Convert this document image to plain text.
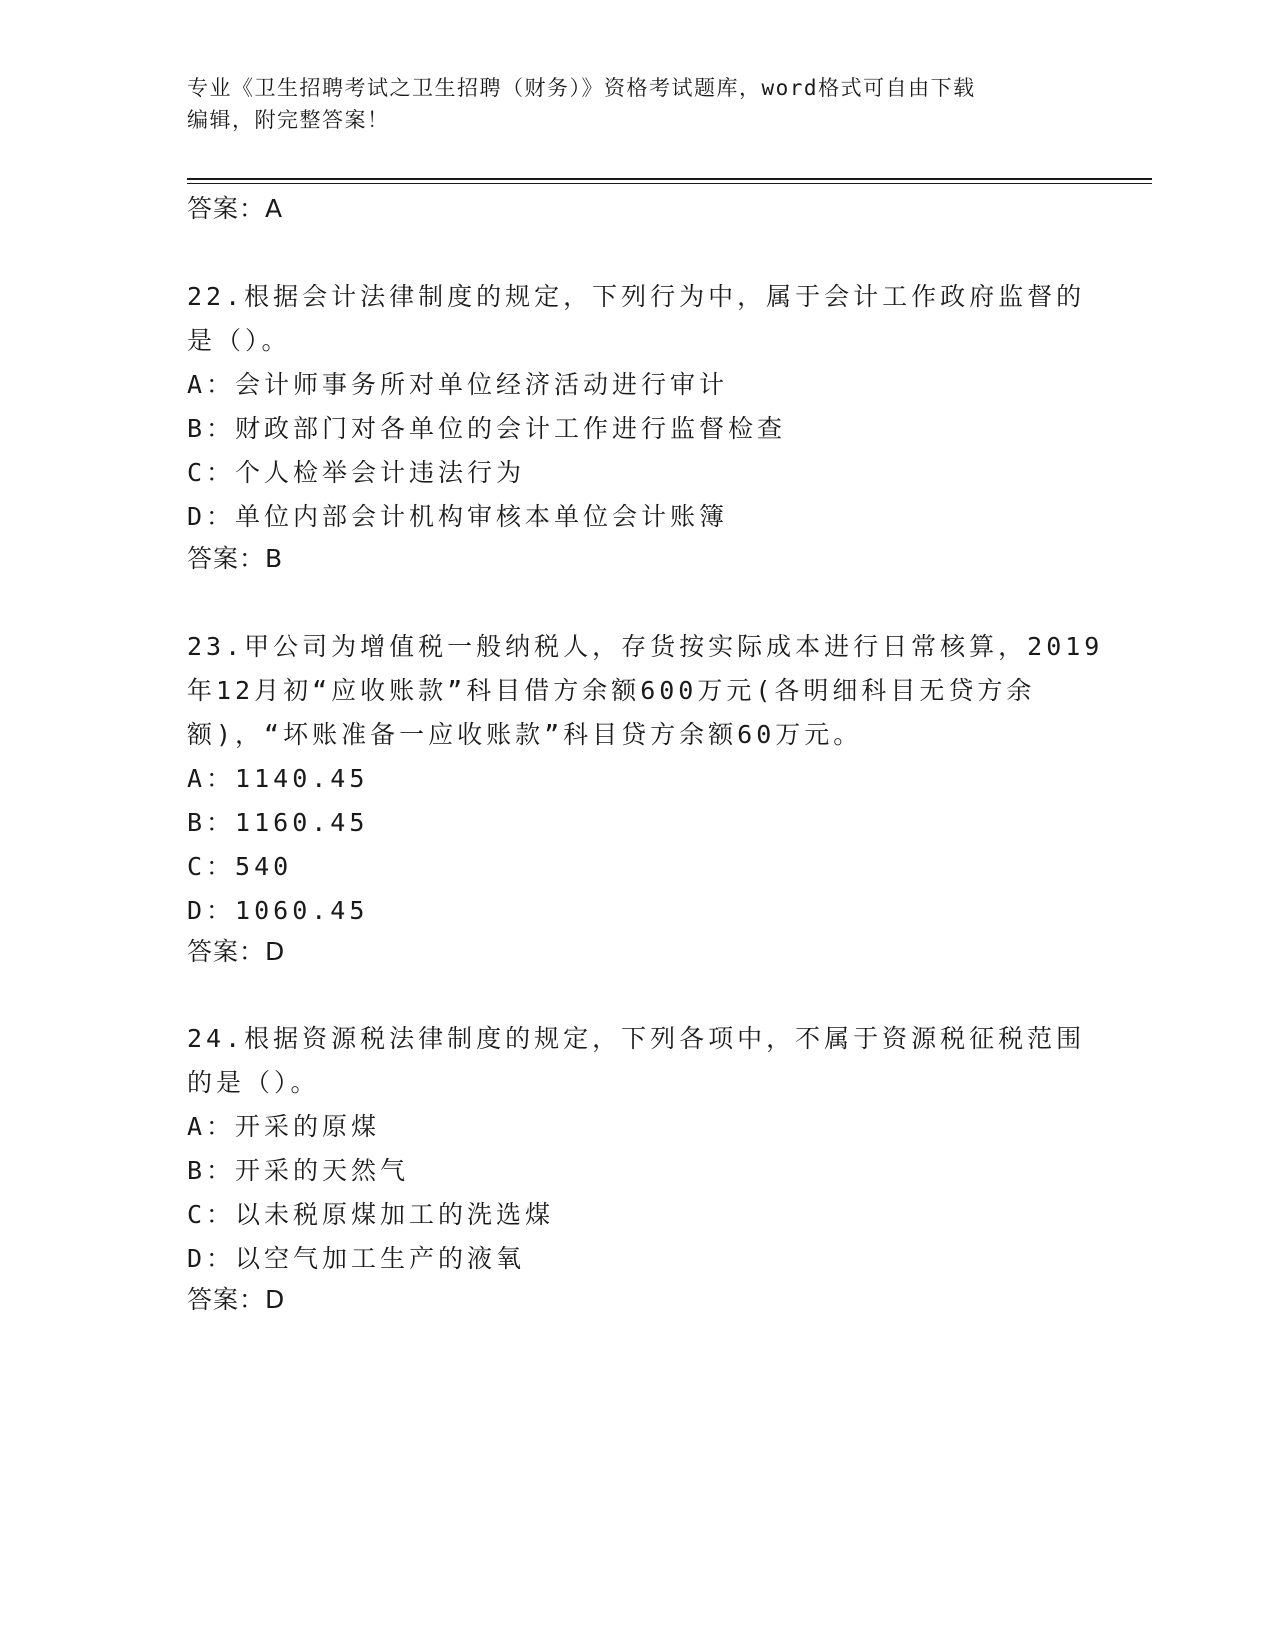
专业《卫生招聘考试之卫生招聘（财务）》资格考试题库，word格式可自由下载
编辑，附完整答案！
答案：A
22.根据会计法律制度的规定，下列行为中，属于会计工作政府监督的
是（）。
A：会计师事务所对单位经济活动进行审计
B：财政部门对各单位的会计工作进行监督检查
C：个人检举会计违法行为
D：单位内部会计机构审核本单位会计账簿
答案：B
23.甲公司为增值税一般纳税人，存货按实际成本进行日常核算，2019
年12月初“应收账款”科目借方余额600万元(各明细科目无贷方余
额)，“坏账准备一应收账款”科目贷方余额60万元。
A：1140.45
B：1160.45
C：540
D：1060.45
答案：D
24.根据资源税法律制度的规定，下列各项中，不属于资源税征税范围
的是（）。
A：开采的原煤
B：开采的天然气
C：以未税原煤加工的洗选煤
D：以空气加工生产的液氧
答案：D
